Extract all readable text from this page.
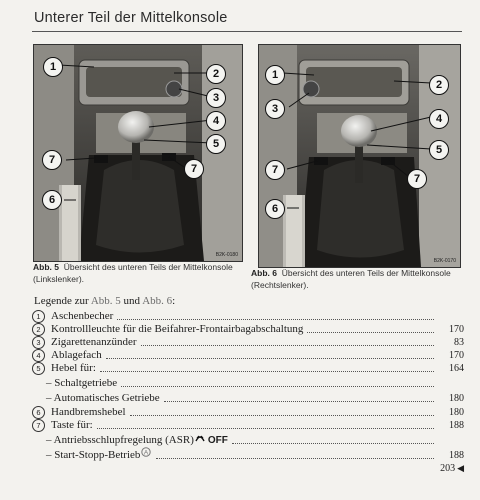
Unterer Teil der Mittelkonsole
1
2
3
4
5
7
7
6
B2K-0180
Abb. 5 Übersicht des unteren Teils der Mittelkonsole (Linkslenker).
1
2
3
4
5
7
7
6
B2K-0170
Abb. 6 Übersicht des unteren Teils der Mittelkonsole (Rechtslenker).
Legende zur Abb. 5 und Abb. 6:
1 Aschenbecher
2 Kontrollleuchte für die Beifahrer-Frontairbagabschaltung	170
3 Zigarettenanzünder	83
4 Ablagefach	170
5 Hebel für:	164
– Schaltgetriebe
– Automatisches Getriebe	180
6 Handbremshebel	180
7 Taste für:	188
– Antriebsschlupfregelung (ASR) OFF
– Start-Stopp-Betrieb A	188
203 ◀
